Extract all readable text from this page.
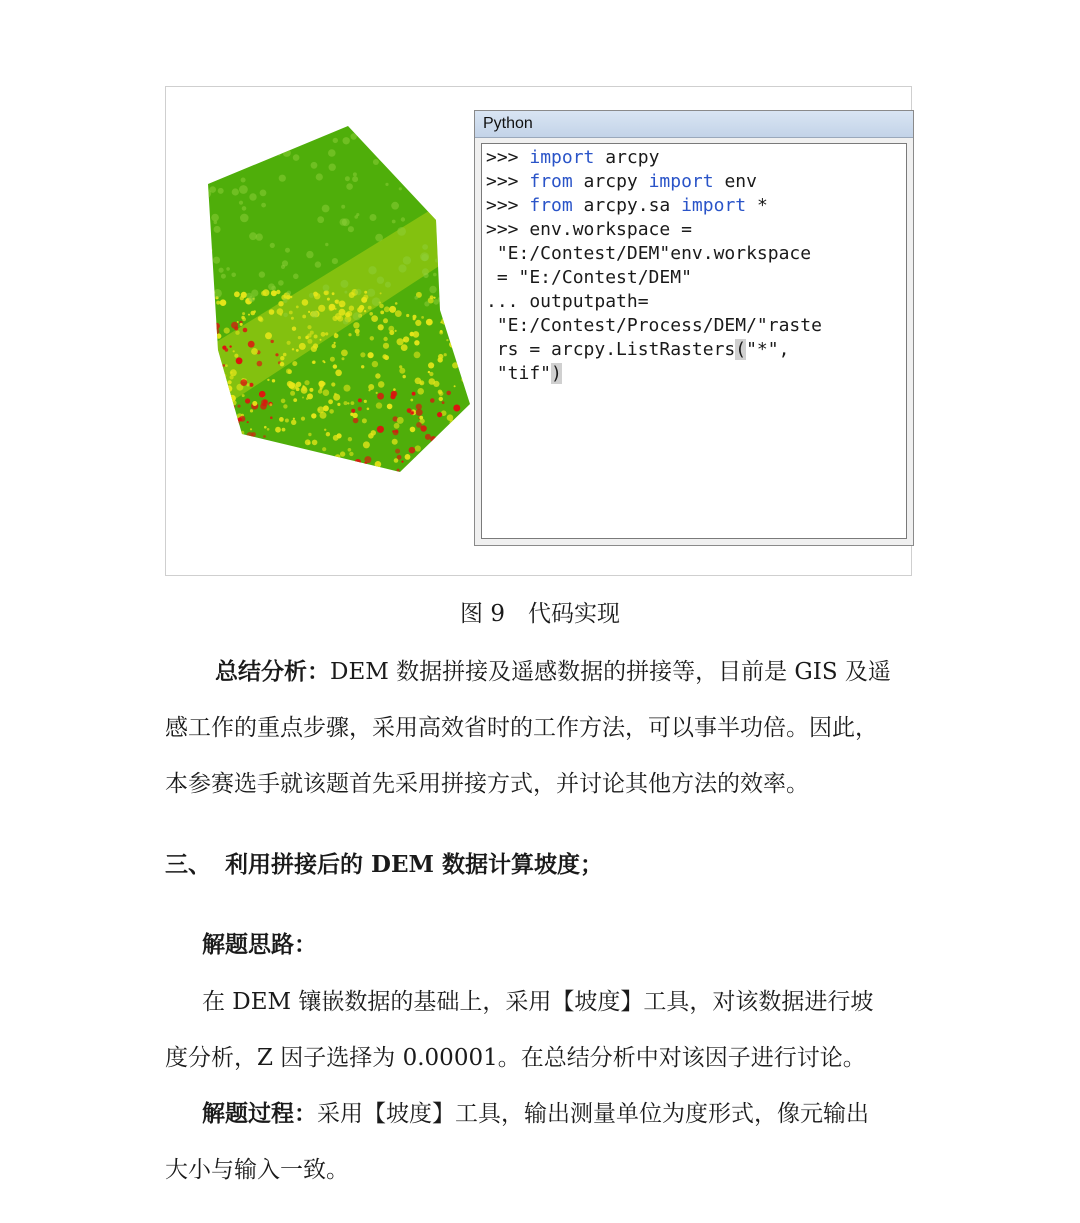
Python
>>> import arcpy
>>> from arcpy import env
>>> from arcpy.sa import *
>>> env.workspace =
"E:/Contest/DEM"env.workspace
= "E:/Contest/DEM"
... outputpath=
"E:/Contest/Process/DEM/"raste
rs = arcpy.ListRasters("*",
"tif")
图 9　代码实现
总结分析：DEM 数据拼接及遥感数据的拼接等，目前是 GIS 及遥
感工作的重点步骤，采用高效省时的工作方法，可以事半功倍。因此，
本参赛选手就该题首先采用拼接方式，并讨论其他方法的效率。
三、 利用拼接后的 DEM 数据计算坡度；
解题思路：
在 DEM 镶嵌数据的基础上，采用【坡度】工具，对该数据进行坡
度分析，Z 因子选择为 0.00001。在总结分析中对该因子进行讨论。
解题过程：采用【坡度】工具，输出测量单位为度形式，像元输出
大小与输入一致。
